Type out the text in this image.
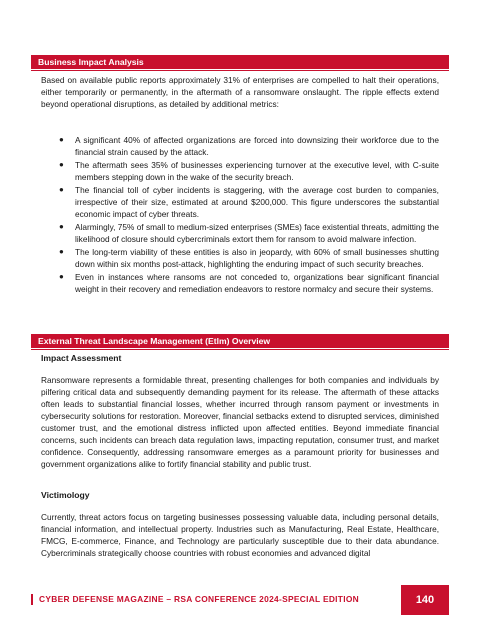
Business Impact Analysis

Based on available public reports approximately 31% of enterprises are compelled to halt their operations, either temporarily or permanently, in the aftermath of a ransomware onslaught. The ripple effects extend beyond operational disruptions, as detailed by additional metrics:

● A significant 40% of affected organizations are forced into downsizing their workforce due to the financial strain caused by the attack.
● The aftermath sees 35% of businesses experiencing turnover at the executive level, with C-suite members stepping down in the wake of the security breach.
● The financial toll of cyber incidents is staggering, with the average cost burden to companies, irrespective of their size, estimated at around $200,000. This figure underscores the substantial economic impact of cyber threats.
● Alarmingly, 75% of small to medium-sized enterprises (SMEs) face existential threats, admitting the likelihood of closure should cybercriminals extort them for ransom to avoid malware infection.
● The long-term viability of these entities is also in jeopardy, with 60% of small businesses shutting down within six months post-attack, highlighting the enduring impact of such security breaches.
● Even in instances where ransoms are not conceded to, organizations bear significant financial weight in their recovery and remediation endeavors to restore normalcy and secure their systems.
External Threat Landscape Management (Etlm) Overview

Impact Assessment

Ransomware represents a formidable threat, presenting challenges for both companies and individuals by pilfering critical data and subsequently demanding payment for its release. The aftermath of these attacks often leads to substantial financial losses, whether incurred through ransom payment or investments in cybersecurity solutions for restoration. Moreover, financial setbacks extend to disrupted services, diminished customer trust, and the emotional distress inflicted upon affected entities. Beyond immediate financial concerns, such incidents can breach data regulation laws, impacting reputation, consumer trust, and market confidence. Consequently, addressing ransomware emerges as a paramount priority for businesses and government organizations alike to fortify financial stability and public trust.

Victimology

Currently, threat actors focus on targeting businesses possessing valuable data, including personal details, financial information, and intellectual property. Industries such as Manufacturing, Real Estate, Healthcare, FMCG, E-commerce, Finance, and Technology are particularly susceptible due to their data abundance. Cybercriminals strategically choose countries with robust economies and advanced digital

CYBER DEFENSE MAGAZINE – RSA CONFERENCE 2024-SPECIAL EDITION	140
